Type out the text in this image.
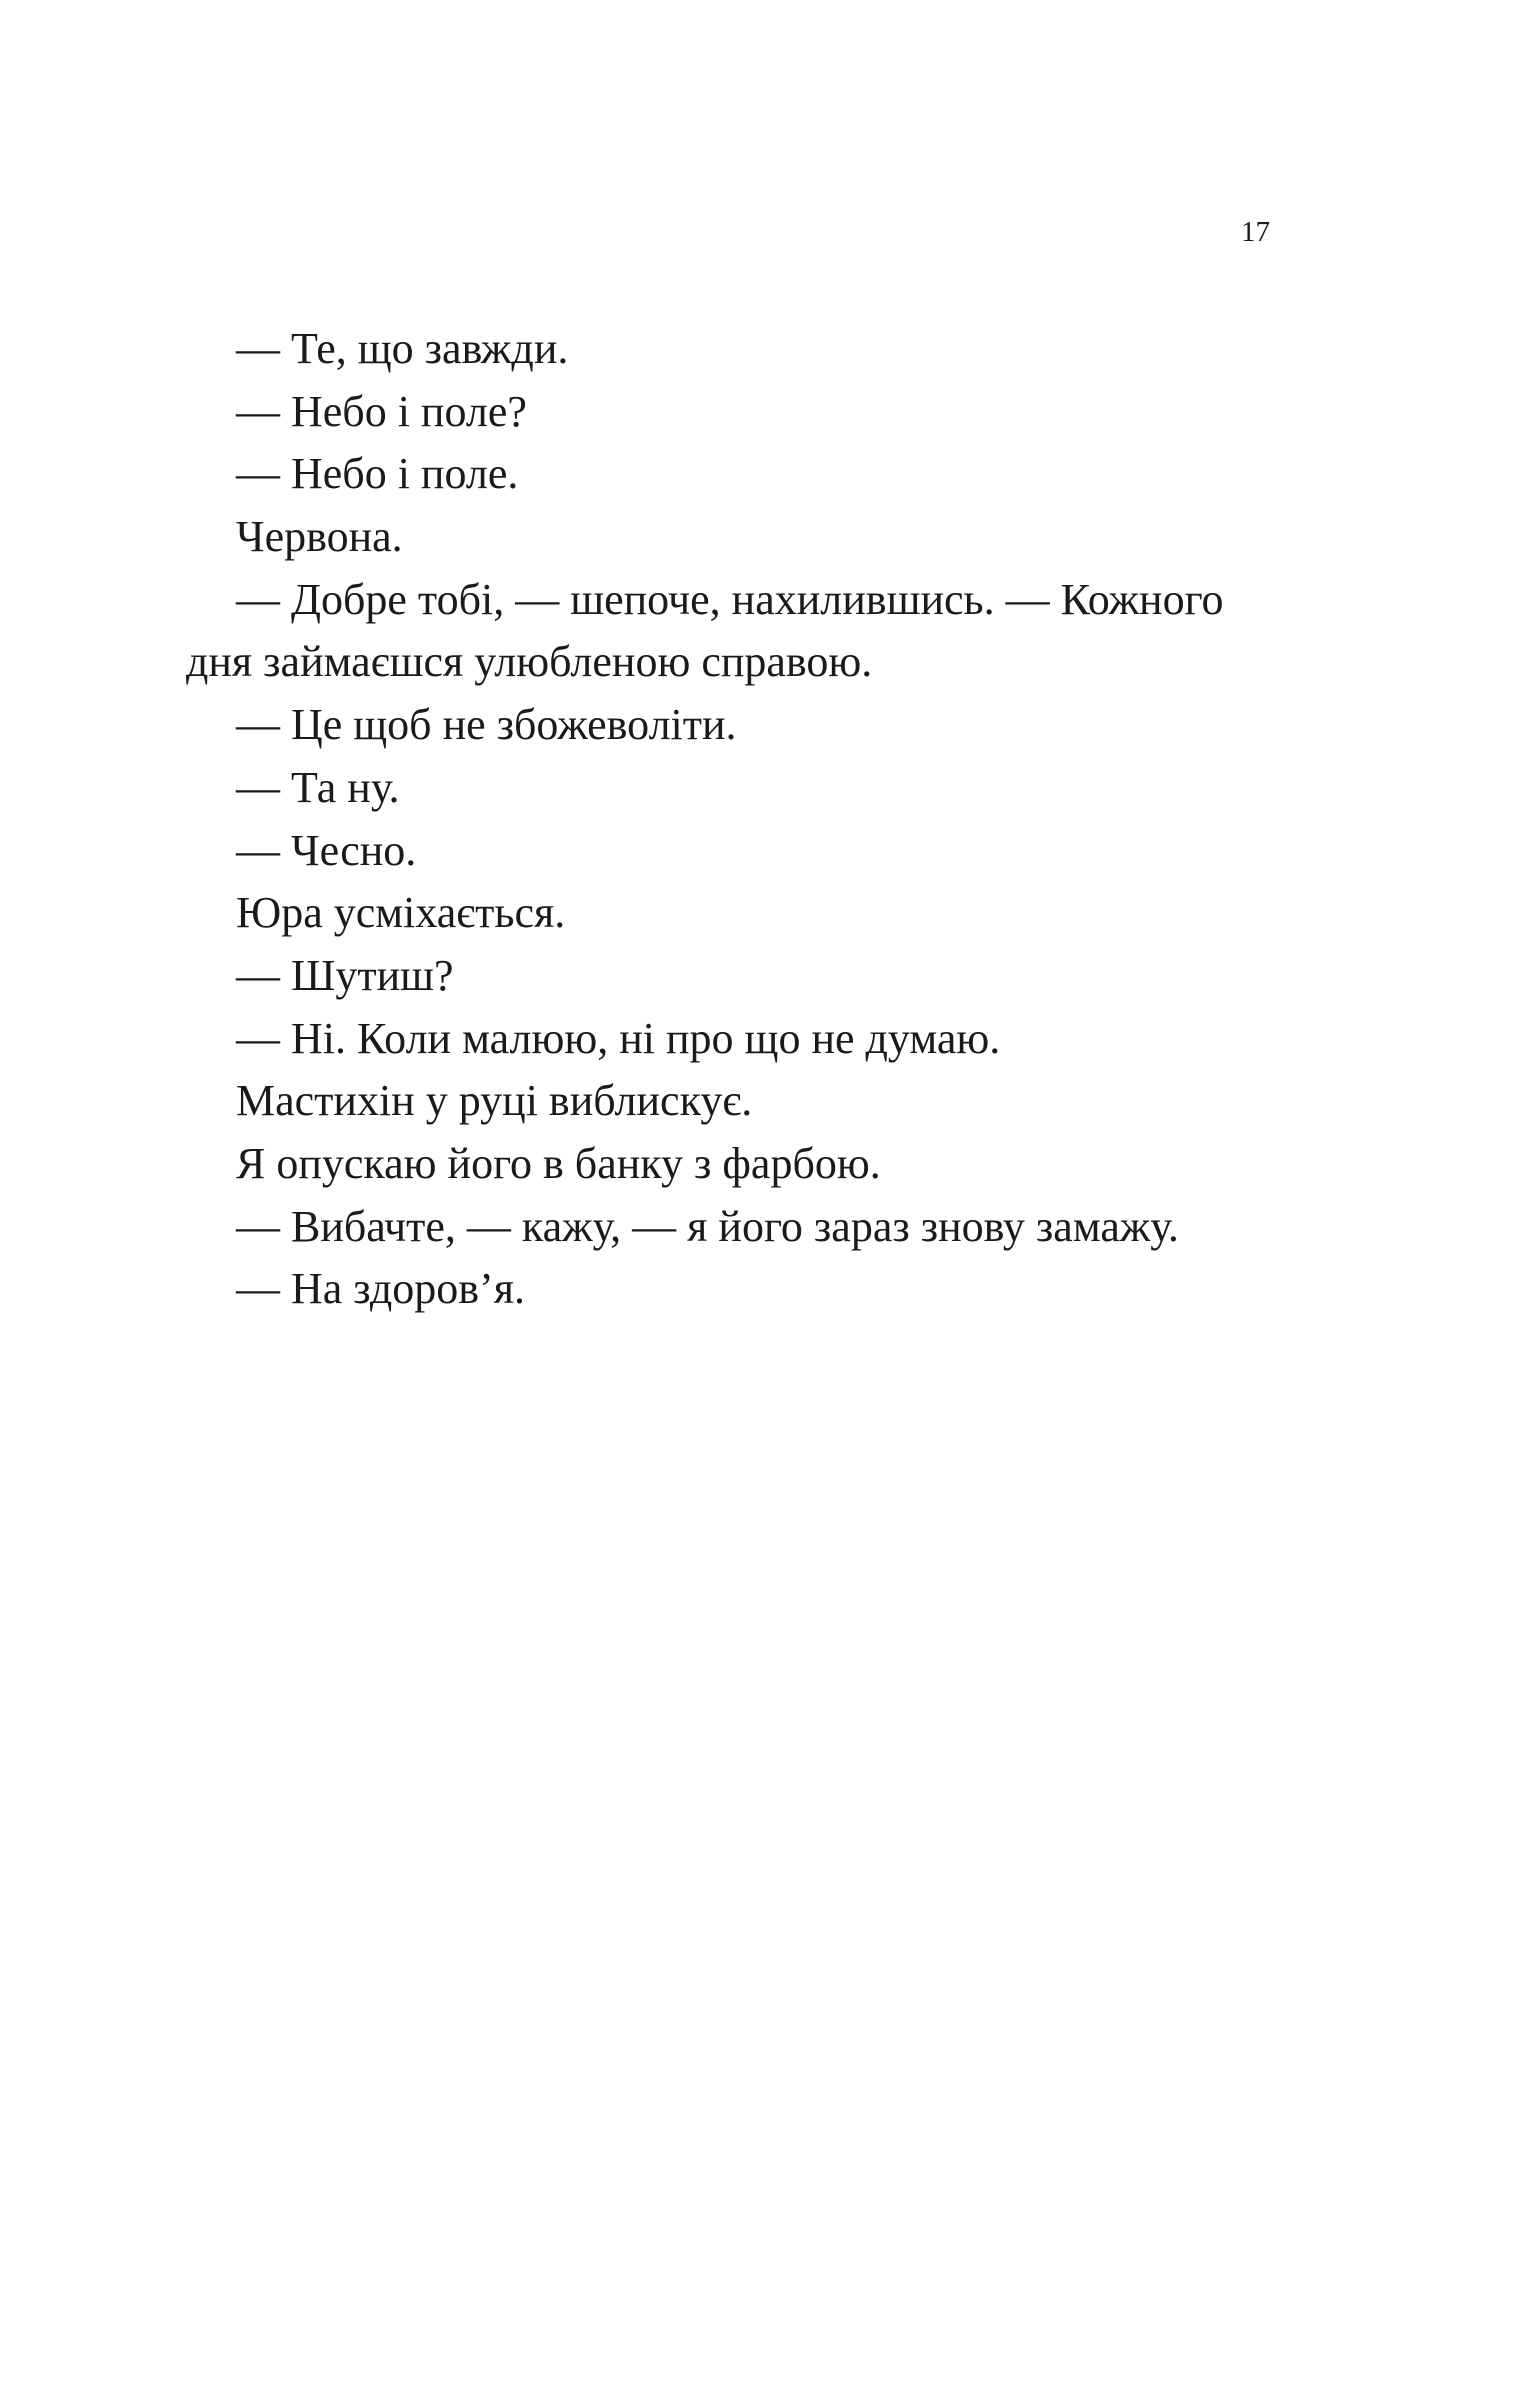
17
— Те, що завжди.
— Небо і поле?
— Небо і поле.
Червона.
— Добре тобі, — шепоче, нахилившись. — Кожного
дня займаєшся улюбленою справою.
— Це щоб не збожеволіти.
— Та ну.
— Чесно.
Юра усміхається.
— Шутиш?
— Ні. Коли малюю, ні про що не думаю.
Мастихін у руці виблискує.
Я опускаю його в банку з фарбою.
— Вибачте, — кажу, — я його зараз знову замажу.
— На здоров’я.
